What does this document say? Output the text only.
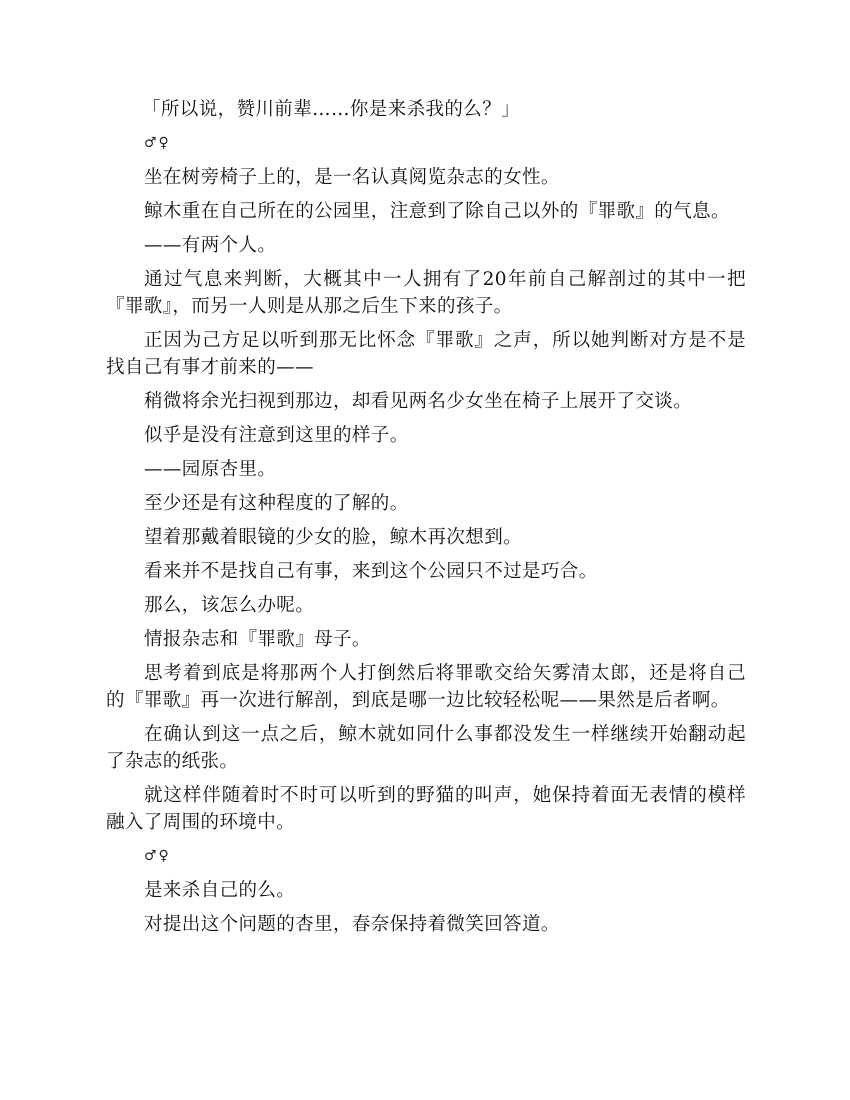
「所以说，赞川前辈……你是来杀我的么？」

♂♀

坐在树旁椅子上的，是一名认真阅览杂志的女性。

鲸木重在自己所在的公园里，注意到了除自己以外的『罪歌』的气息。

——有两个人。

通过气息来判断，大概其中一人拥有了20年前自己解剖过的其中一把『罪歌』，而另一人则是从那之后生下来的孩子。

正因为己方足以听到那无比怀念『罪歌』之声，所以她判断对方是不是找自己有事才前来的——

稍微将余光扫视到那边，却看见两名少女坐在椅子上展开了交谈。

似乎是没有注意到这里的样子。

——园原杏里。

至少还是有这种程度的了解的。

望着那戴着眼镜的少女的脸，鲸木再次想到。

看来并不是找自己有事，来到这个公园只不过是巧合。

那么，该怎么办呢。

情报杂志和『罪歌』母子。

思考着到底是将那两个人打倒然后将罪歌交给矢雾清太郎，还是将自己的『罪歌』再一次进行解剖，到底是哪一边比较轻松呢——果然是后者啊。

在确认到这一点之后，鲸木就如同什么事都没发生一样继续开始翻动起了杂志的纸张。

就这样伴随着时不时可以听到的野猫的叫声，她保持着面无表情的模样融入了周围的环境中。

♂♀

是来杀自己的么。

对提出这个问题的杏里，春奈保持着微笑回答道。
